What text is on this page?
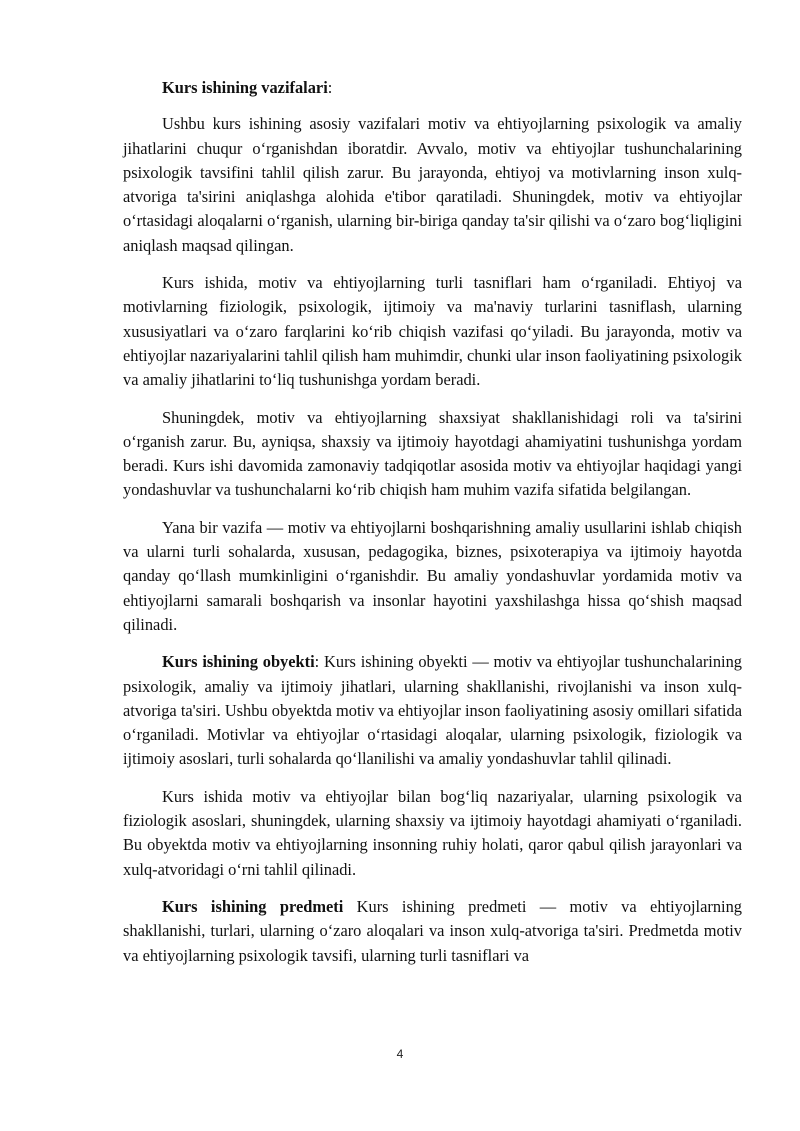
Kurs ishining vazifalari:

Ushbu kurs ishining asosiy vazifalari motiv va ehtiyojlarning psixologik va amaliy jihatlarini chuqur o‘rganishdan iboratdir. Avvalo, motiv va ehtiyojlar tushunchalarining psixologik tavsifini tahlil qilish zarur. Bu jarayonda, ehtiyoj va motivlarning inson xulq-atvoriga ta'sirini aniqlashga alohida e'tibor qaratiladi. Shuningdek, motiv va ehtiyojlar o‘rtasidagi aloqalarni o‘rganish, ularning bir-biriga qanday ta'sir qilishi va o‘zaro bog‘liqligini aniqlash maqsad qilingan.

Kurs ishida, motiv va ehtiyojlarning turli tasniflari ham o‘rganiladi. Ehtiyoj va motivlarning fiziologik, psixologik, ijtimoiy va ma'naviy turlarini tasniflash, ularning xususiyatlari va o‘zaro farqlarini ko‘rib chiqish vazifasi qo‘yiladi. Bu jarayonda, motiv va ehtiyojlar nazariyalarini tahlil qilish ham muhimdir, chunki ular inson faoliyatining psixologik va amaliy jihatlarini to‘liq tushunishga yordam beradi.

Shuningdek, motiv va ehtiyojlarning shaxsiyat shakllanishidagi roli va ta'sirini o‘rganish zarur. Bu, ayniqsa, shaxsiy va ijtimoiy hayotdagi ahamiyatini tushunishga yordam beradi. Kurs ishi davomida zamonaviy tadqiqotlar asosida motiv va ehtiyojlar haqidagi yangi yondashuvlar va tushunchalarni ko‘rib chiqish ham muhim vazifa sifatida belgilangan.

Yana bir vazifa — motiv va ehtiyojlarni boshqarishning amaliy usullarini ishlab chiqish va ularni turli sohalarda, xususan, pedagogika, biznes, psixoterapiya va ijtimoiy hayotda qanday qo‘llash mumkinligini o‘rganishdir. Bu amaliy yondashuvlar yordamida motiv va ehtiyojlarni samarali boshqarish va insonlar hayotini yaxshilashga hissa qo‘shish maqsad qilinadi.

Kurs ishining obyekti: Kurs ishining obyekti — motiv va ehtiyojlar tushunchalarining psixologik, amaliy va ijtimoiy jihatlari, ularning shakllanishi, rivojlanishi va inson xulq-atvoriga ta'siri. Ushbu obyektda motiv va ehtiyojlar inson faoliyatining asosiy omillari sifatida o‘rganiladi. Motivlar va ehtiyojlar o‘rtasidagi aloqalar, ularning psixologik, fiziologik va ijtimoiy asoslari, turli sohalarda qo‘llanilishi va amaliy yondashuvlar tahlil qilinadi.

Kurs ishida motiv va ehtiyojlar bilan bog‘liq nazariyalar, ularning psixologik va fiziologik asoslari, shuningdek, ularning shaxsiy va ijtimoiy hayotdagi ahamiyati o‘rganiladi. Bu obyektda motiv va ehtiyojlarning insonning ruhiy holati, qaror qabul qilish jarayonlari va xulq-atvoridagi o‘rni tahlil qilinadi.

Kurs ishining predmeti Kurs ishining predmeti — motiv va ehtiyojlarning shakllanishi, turlari, ularning o‘zaro aloqalari va inson xulq-atvoriga ta'siri. Predmetda motiv va ehtiyojlarning psixologik tavsifi, ularning turli tasniflari va

4
